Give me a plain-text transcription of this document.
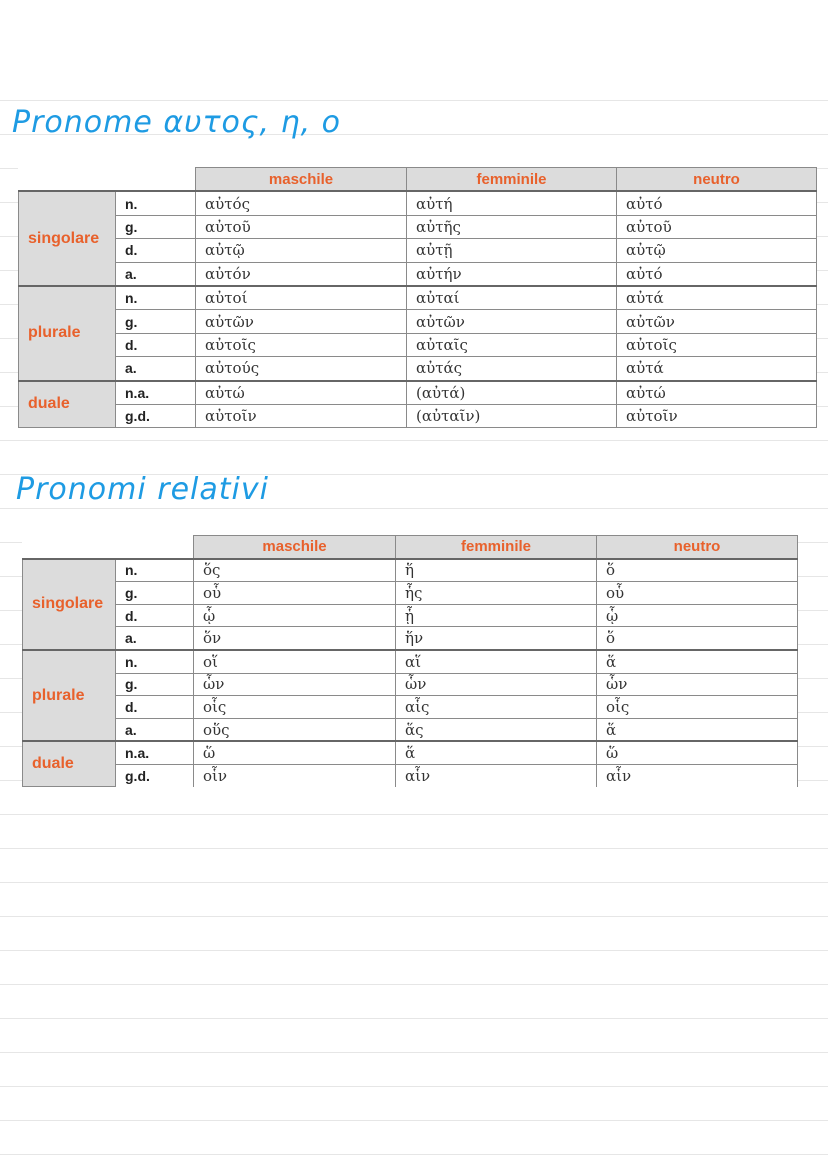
Pronome αυτος, η, ο
		maschile	femminile	neutro
singolare	n.	αὐτός	αὐτή	αὐτό
	g.	αὐτοῦ	αὐτῆς	αὐτοῦ
	d.	αὐτῷ	αὐτῇ	αὐτῷ
	a.	αὐτόν	αὐτήν	αὐτό
plurale	n.	αὐτοί	αὐταί	αὐτά
	g.	αὐτῶν	αὐτῶν	αὐτῶν
	d.	αὐτοῖς	αὐταῖς	αὐτοῖς
	a.	αὐτούς	αὐτάς	αὐτά
duale	n.a.	αὐτώ	(αὐτά)	αὐτώ
	g.d.	αὐτοῖν	(αὐταῖν)	αὐτοῖν
Pronomi relativi
		maschile	femminile	neutro
singolare	n.	ὅς	ἥ	ὅ
	g.	οὗ	ἧς	οὗ
	d.	ᾧ	ᾗ	ᾧ
	a.	ὅν	ἥν	ὅ
plurale	n.	οἵ	αἵ	ἅ
	g.	ὧν	ὧν	ὧν
	d.	οἷς	αἷς	οἷς
	a.	οὕς	ἅς	ἅ
duale	n.a.	ὥ	ἅ	ὥ
	g.d.	οἷν	αἷν	αἷν
